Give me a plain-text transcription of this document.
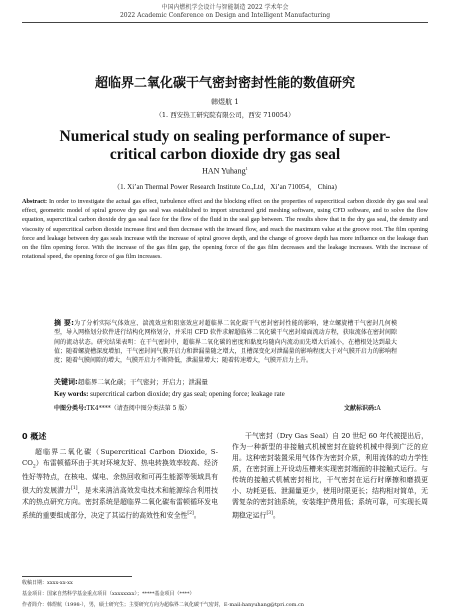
中国内燃机学会设计与智能制造 2022 学术年会
2022 Academic Conference on Design and Intelligent Manufacturing
超临界二氧化碳干气密封密封性能的数值研究
韩煜航 1
（1. 西安热工研究院有限公司，西安 710054）
Numerical study on sealing performance of super-critical carbon dioxide dry gas seal
HAN Yuhang$^1$
（1. Xi’an Thermal Power Research Institute Co.,Ltd，Xi’an 710054， China)
Abstract: In order to investigate the actual gas effect, turbulence effect and the blocking effect on the properties of supercritical carbon dioxide dry gas seal seal effect, geometric model of spiral groove dry gas seal was established to import structured grid meshing software, using CFD software, and to solve the flow equation, supercritical carbon dioxide dry gas seal face for the flow of the fluid in the seal gap between. The results show that in the dry gas seal, the density and viscosity of supercritical carbon dioxide increase first and then decrease with the inward flow, and reach the maximum value at the groove root. The film opening force and leakage between dry gas seals increase with the increase of spiral groove depth, and the change of groove depth has more influence on the leakage than on the film opening force. With the increase of the gas film gap, the opening force of the gas film decreases and the leakage increases. With the increase of rotational speed, the opening force of gas film increases.
摘 要:为了分析实际气体效应、湍流效应和阻塞效应对超临界二氧化碳干气密封密封性能的影响，建立螺旋槽干气密封几何模型，导入网格划分软件进行结构化网格划分，并采用 CFD 软件求解超临界二氧化碳干气密封端面流动方程，获取流体在密封间隙间的流动状态。研究结果表明：在干气密封中，超临界二氧化碳的密度和黏度均随向内流动而先增大后减小，在槽根处达到最大值；随着螺旋槽深度增加，干气密封间气膜开启力和泄漏量随之增大，且槽深变化对泄漏量的影响程度大于对气膜开启力的影响程度；随着气膜间隙的增大，气膜开启力不断降低，泄漏量增大；随着转速增大，气膜开启力上升。
关键词:超临界二氧化碳；干气密封；开启力；泄漏量
Key words: supercritical carbon dioxide; dry gas seal; opening force; leakage rate
中图分类号:TK4****（请查阅中图分类法第 5 版）	文献标识码:A
0 概述
超临界二氧化碳（Supercritical Carbon Dioxide, $S-CO_2$）布雷顿循环由于其对环境友好、热电转换效率较高、经济性好等特点，在核电、煤电、余热回收和可再生能源等领域具有很大的发展潜力[1]，是未来清洁高效发电技术和能源综合利用技术的热点研究方向。密封系统是超临界二氧化碳布雷顿循环发电系统的重要组成部分，决定了其运行的高效性和安全性[2]。
干气密封（Dry Gas Seal）自 20 世纪 60 年代被提出后，作为一种新型的非接触式机械密封在旋转机械中得到广泛的应用。这种密封装置采用气体作为密封介质，利用流体的动力学性质，在密封面上开设动压槽来实现密封端面的非接触式运行。与传统的接触式机械密封相比，干气密封在运行时摩擦和磨损更小、功耗更低、泄漏量更少，使用时限更长；结构相对简单，无需复杂的密封油系统，安装维护费用低；系统可靠，可实现长周期稳定运行[3]。
收稿日期：xxxx-xx-xx
基金项目：国家自然科学基金重点项目（xxxxxxxx）；*****基金项目（****）
作者简介：韩煜航（1998-），男，硕士研究生；主要研究方向为超临界二氧化碳干气密封，E-mail:hanyuhang@tpri.com.cn
